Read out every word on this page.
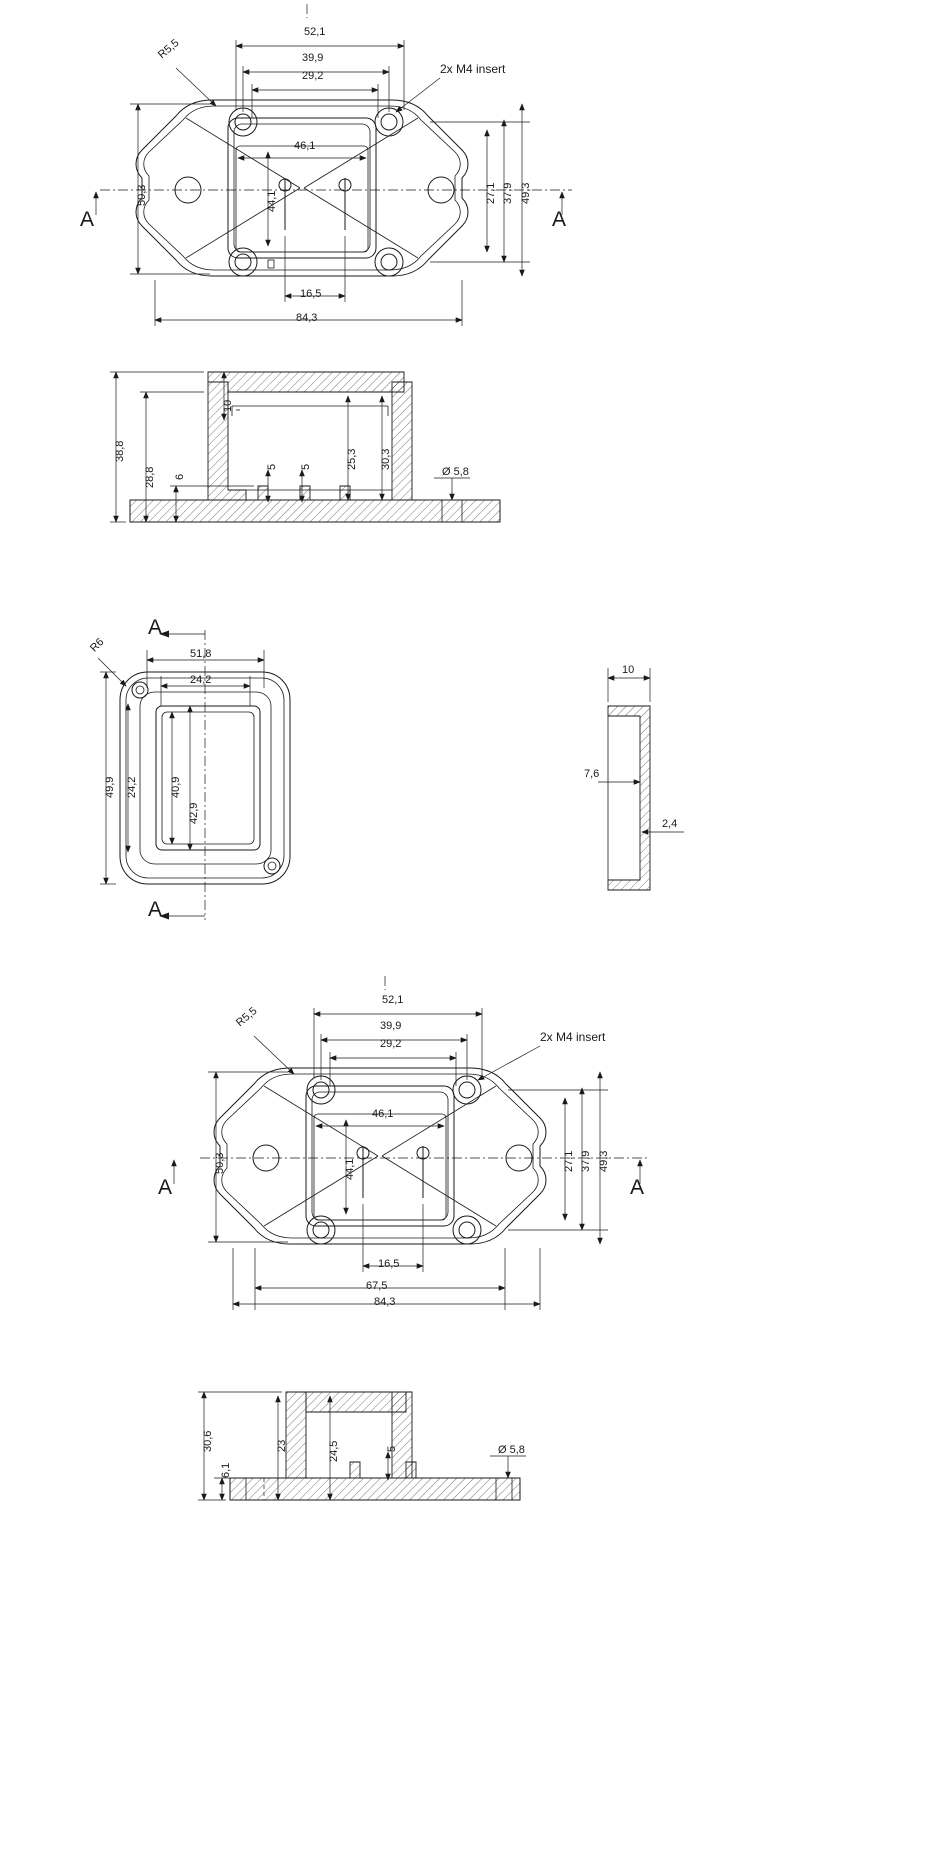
52,1
39,9
29,2
46,1
44,1
50,3	27,1 37,9 49,3
16,5
84,3
R5,5
2x M4 insert
A	A
38,8
28,8
10
6
5 5	25,3 30,3
Ø 5,8
51,8
24,2
49,9 24,2	40,9
42,9
R6
A
A
10
7,6
2,4
52,1
39,9
29,2
46,1
44,1
50,3	27,1 37,9 49,3
16,5
67,5
84,3
R5,5
2x M4 insert
A	A
30,6
6,1
23	24,5	5	Ø 5,8
